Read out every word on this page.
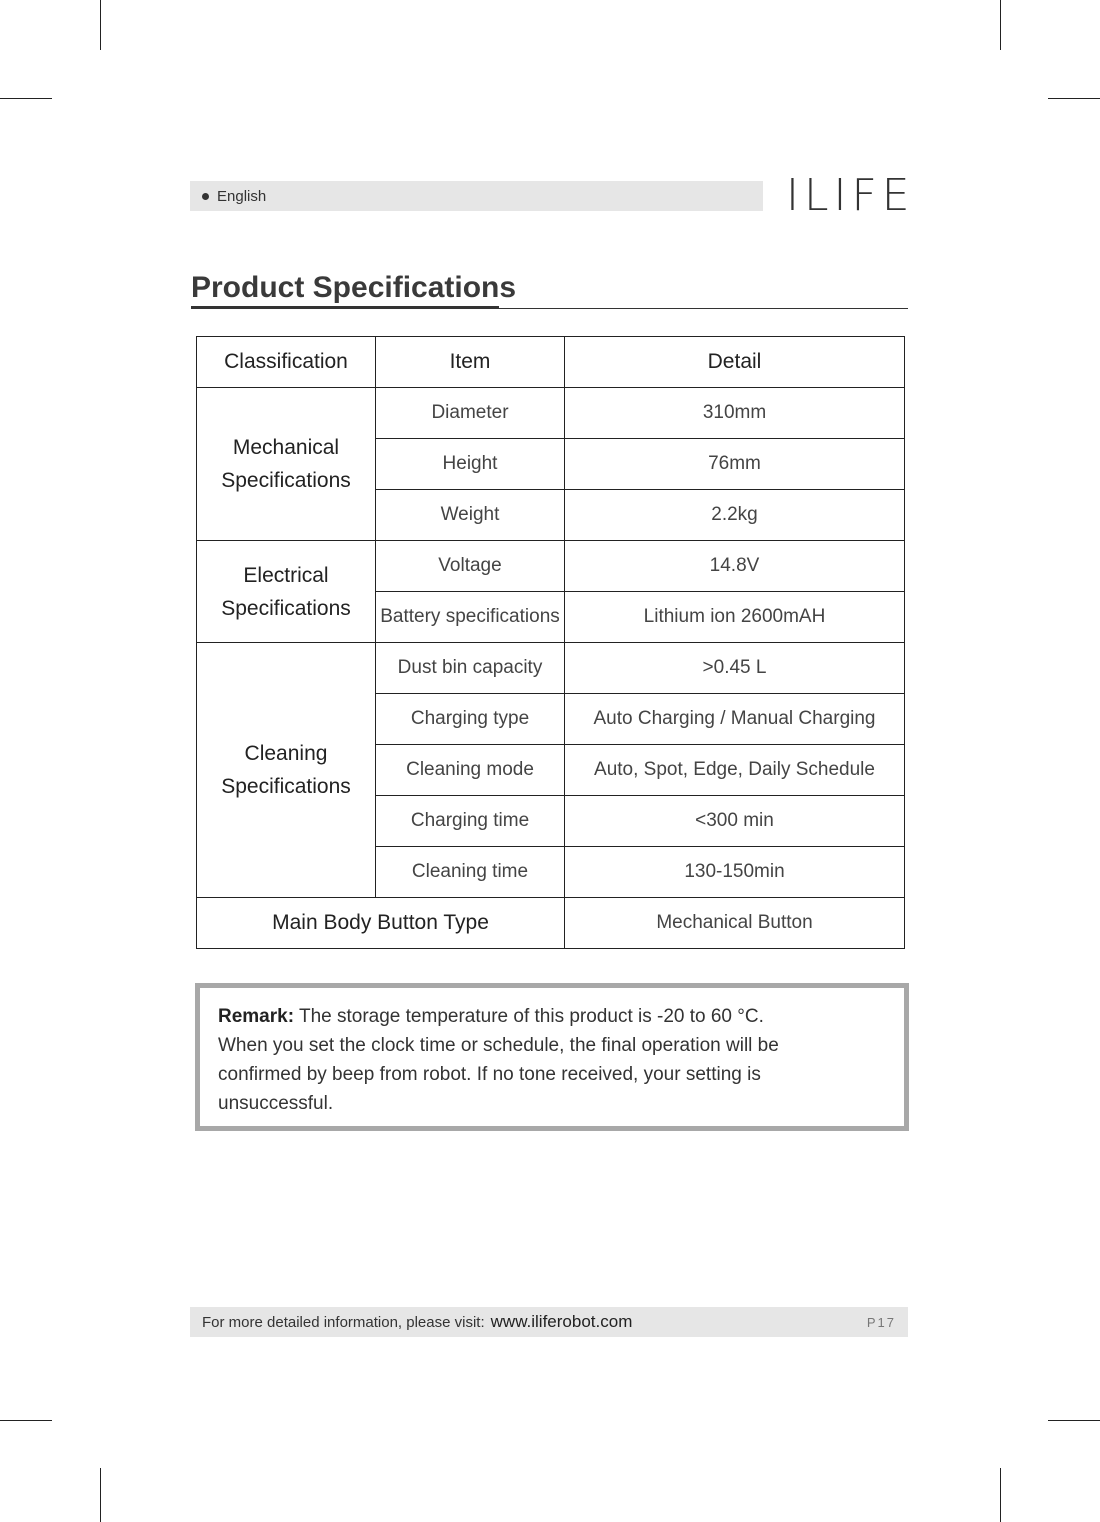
English	ILIFE
Product Specifications
Classification	Item	Detail

Mechanical
Specifications	Diameter	310mm
	Height	76mm
	Weight	2.2kg

Electrical
Specifications	Voltage	14.8V
	Battery specifications	Lithium ion 2600mAH

Cleaning
Specifications	Dust bin capacity	>0.45 L
	Charging type	Auto Charging / Manual Charging
	Cleaning mode	Auto, Spot, Edge, Daily Schedule
	Charging time	<300 min
	Cleaning time	130-150min
Main Body Button Type		Mechanical Button

Remark: The storage temperature of this product is -20 to 60 °C.

When you set the clock time or schedule, the final operation will be

confirmed by beep from robot. If no tone received, your setting is

unsuccessful.

For more detailed information, please visit: www.iliferobot.com	P17
